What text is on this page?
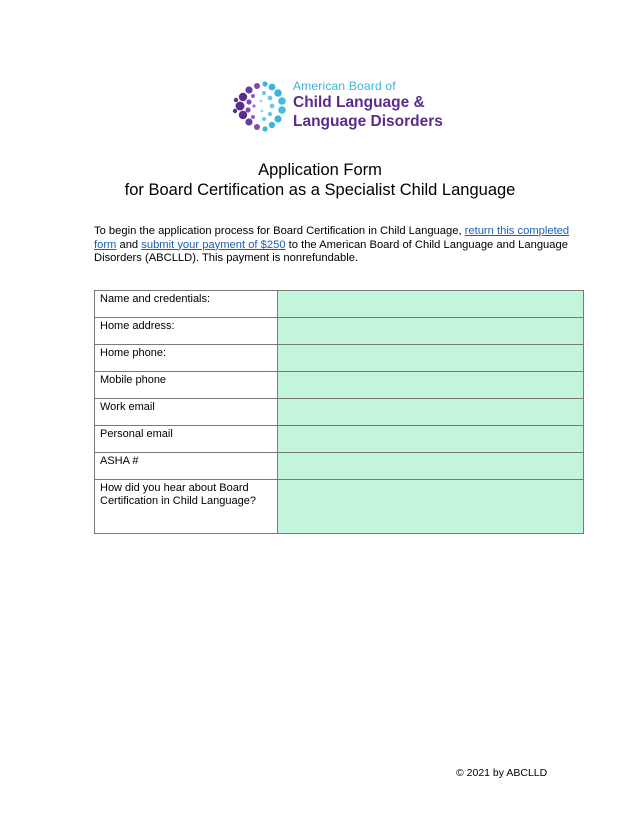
American Board of
Child Language &
Language Disorders
Application Form
for Board Certification as a Specialist Child Language
To begin the application process for Board Certification in Child Language, return this completed form and submit your payment of $250 to the American Board of Child Language and Language Disorders (ABCLLD). This payment is nonrefundable.
Name and credentials:	
Home address:	
Home phone:	
Mobile phone	
Work email	
Personal email	
ASHA #	
How did you hear about Board Certification in Child Language?	
© 2021 by ABCLLD
